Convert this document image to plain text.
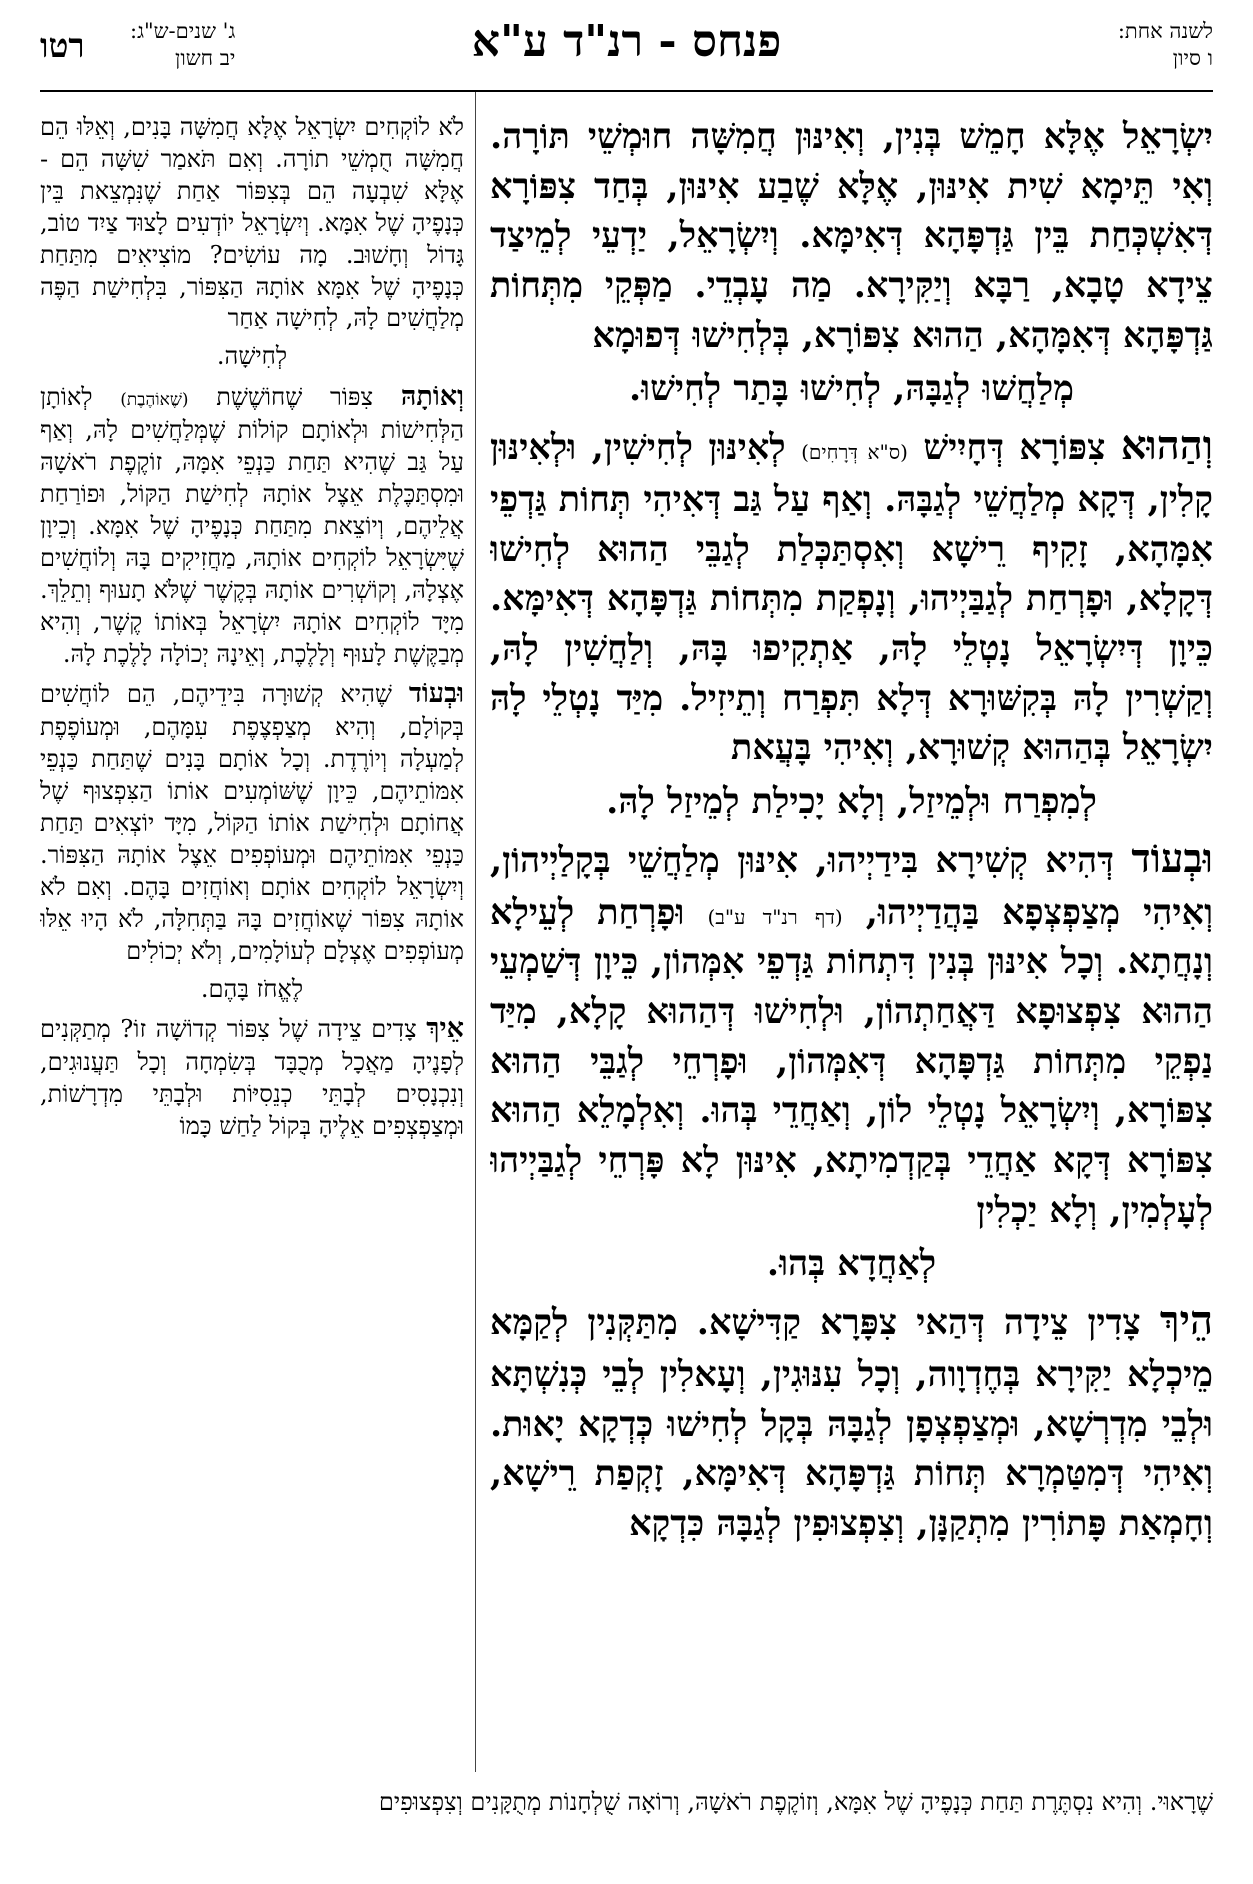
לשנה אחת:
ו סיון
פנחס - רנ"ד ע"א
ג' שנים-ש"ג:
יב חשון
רטו

יִשְׂרָאֵל אֶלָּא חָמֵשׁ בְּנִין, וְאִינּוּן חֲמִשָּׁה חוּמְשֵׁי תּוֹרָה. וְאִי תֵּימָא שִׁית אִינּוּן, אֶלָּא שֶׁבַע אִינּוּן, בְּחַד צִפּוֹרָא דְּאִשְׁכְּחַת בֵּין גַּדְפָּהָא דְּאִימָּא. וְיִשְׂרָאֵל, יַדְעֵי לְמֵיצַד צֵידָא טָבָא, רַבָּא וְיַקִּירָא. מַה עָבְדֵי. מַפְּקֵי מִתְּחוֹת גַּדְפָּהָא דְּאִמָּהָא, הַהוּא צִפּוֹרָא, בְּלְחִישׁוּ דְּפוּמָא

מְלַחֲשׁוּ לְגַבָּהּ, לְחִישׁוּ בָּתַר לְחִישׁוּ.

וְהַהוּא צִפּוֹרָא דְּחָיִישׁ (ס"א דְּרָחִים) לְאִינּוּן לְחִישִׁין, וּלְאִינּוּן קָלִין, דְּקָא מְלַחֲשֵׁי לְגַבָּהּ. וְאַף עַל גַּב דְּאִיהִי תְּחוֹת גַּדְפֵי אִמָּהָא, זָקִיף רֵישָׁא וְאִסְתַּכְּלַת לְגַבֵּי הַהוּא לְחִישׁוּ דְּקָלָא, וּפָרְחַת לְגַבַּיְיהוּ, וְנָפְקַת מִתְּחוֹת גַּדְפָּהָא דְּאִימָּא. כֵּיוָן דְּיִשְׂרָאֵל נָטְלֵי לָהּ, אַתְקִיפוּ בָּהּ, וְלַחֲשִׁין לָהּ, וְקַשְׁרִין לָהּ בְּקִשּׁוּרָא דְּלָא תִּפְרַח וְתֵיזִיל. מִיַּד נָטְלֵי לָהּ יִשְׂרָאֵל בְּהַהוּא קְשׁוּרָא, וְאִיהִי בָּעֲאת

לְמִפְרַח וּלְמֵיזַל, וְלָא יָכִילַת לְמֵיזַל לָהּ.

וּבְעוֹד דְּהִיא קְשִׁירָא בִּידַיְיהוּ, אִינּוּן מְלַחֲשֵׁי בְּקָלַיְיהוֹן, וְאִיהִי מְצַפְצְפָא בַּהֲדַיְיהוּ, (דף רנ"ד ע"ב) וּפָרְחַת לְעֵילָא וְנָחֲתָא. וְכָל אִינּוּן בְּנִין דִּתְחוֹת גַּדְפֵי אִמְּהוֹן, כֵּיוָן דְּשַׁמְעֵי הַהוּא צִפְצוּפָא דַּאֲחַתְהוֹן, וּלְחִישׁוּ דְּהַהוּא קָלָא, מִיַּד נַפְקֵי מִתְּחוֹת גַּדְפָּהָא דְּאִמְּהוֹן, וּפָרְחֵי לְגַבֵּי הַהוּא צִפּוֹרָא, וְיִשְׂרָאֵל נָטְלֵי לוֹן, וְאַחֲדֵי בְּהוּ. וְאִלְמָלֵא הַהוּא צִפּוֹרָא דְּקָא אַחֲדֵי בְּקַדְמִיתָא, אִינּוּן לָא פָּרְחֵי לְגַבַּיְיהוּ לְעָלְמִין, וְלָא יַכְלִין

לְאַחֲדָא בְּהוּ.

הֵיךְ צָדִין צֵידָה דְּהַאי צִפָּרָא קַדִּישָׁא. מִתַּקְּנִין לְקַמָּא מֵיכְלָא יַקִּירָא בְּחֶדְוָוה, וְכָל עִנּוּגִין, וְעָאלִין לְבֵי כְּנִשְׁתָּא וּלְבֵי מִדְרְשָׁא, וּמְצַפְצְפָן לְגַבָּהּ בְּקָל לְחִישׁוּ כְּדְקָא יָאוּת. וְאִיהִי דְּמִטַּמְרָא תְּחוֹת גַּדְפָּהָא דְּאִימָּא, זָקְפַת רֵישָׁא, וְחָמְאַת פָּתוֹרִין מִתְקַנָּן, וְצִפְצוּפִין לְגַבָּהּ כִּדְקָא

לֹא לוֹקְחִים יִשְׂרָאֵל אֶלָּא חֲמִשָּׁה בָּנִים, וְאֵלּוּ הֵם חֲמִשָּׁה חֻמְשֵׁי תוֹרָה. וְאִם תֹּאמַר שִׁשָּׁה הֵם - אֶלָּא שִׁבְעָה הֵם בְּצִפּוֹר אַחַת שֶׁנִּמְצֵאת בֵּין כְּנָפֶיהָ שֶׁל אִמָּא. וְיִשְׂרָאֵל יוֹדְעִים לָצוּד צַיִד טוֹב, גָּדוֹל וְחָשׁוּב. מָה עוֹשִׂים? מוֹצִיאִים מִתַּחַת כְּנָפֶיהָ שֶׁל אִמָּא אוֹתָהּ הַצִּפּוֹר, בִּלְחִישַׁת הַפֶּה מְלַחֲשִׁים לָהּ, לְחִישָׁה אַחַר

לְחִישָׁה.

וְאוֹתָהּ צִפּוֹר שֶׁחוֹשֶׁשֶׁת (שֶׁאוֹהֶבֶת) לְאוֹתָן הַלְּחִישׁוֹת וּלְאוֹתָם קוֹלוֹת שֶׁמְּלַחֲשִׁים לָהּ, וְאַף עַל גַּב שֶׁהִיא תַּחַת כַּנְפֵי אִמָּהּ, זוֹקֶפֶת רֹאשָׁהּ וּמִסְתַּכֶּלֶת אֵצֶל אוֹתָהּ לְחִישַׁת הַקּוֹל, וּפוֹרַחַת אֲלֵיהֶם, וְיוֹצֵאת מִתַּחַת כְּנָפֶיהָ שֶׁל אִמָּא. וְכֵיוָן שֶׁיִּשְׂרָאֵל לוֹקְחִים אוֹתָהּ, מַחֲזִיקִים בָּהּ וְלוֹחֲשִׁים אֶצְלָהּ, וְקוֹשְׁרִים אוֹתָהּ בְּקֶשֶׁר שֶׁלֹּא תָעוּף וְתֵלֵךְ. מִיָּד לוֹקְחִים אוֹתָהּ יִשְׂרָאֵל בְּאוֹתוֹ קֶשֶׁר, וְהִיא מְבַקֶּשֶׁת לָעוּף וְלָלֶכֶת, וְאֵינָהּ יְכוֹלָה לָלֶכֶת לָהּ.

וּבְעוֹד שֶׁהִיא קְשׁוּרָה בִּידֵיהֶם, הֵם לוֹחֲשִׁים בְּקוֹלָם, וְהִיא מְצַפְצֶפֶת עִמָּהֶם, וּמְעוֹפֶפֶת לְמַעְלָה וְיוֹרֶדֶת. וְכָל אוֹתָם בָּנִים שֶׁתַּחַת כַּנְפֵי אִמּוֹתֵיהֶם, כֵּיוָן שֶׁשּׁוֹמְעִים אוֹתוֹ הַצִּפְצוּף שֶׁל אֲחוֹתָם וּלְחִישַׁת אוֹתוֹ הַקּוֹל, מִיָּד יוֹצְאִים תַּחַת כַּנְפֵי אִמּוֹתֵיהֶם וּמְעוֹפְפִים אֵצֶל אוֹתָהּ הַצִּפּוֹר. וְיִשְׂרָאֵל לוֹקְחִים אוֹתָם וְאוֹחֲזִים בָּהֶם. וְאִם לֹא אוֹתָהּ צִפּוֹר שֶׁאוֹחֲזִים בָּהּ בַּתְּחִלָּה, לֹא הָיוּ אֵלּוּ מְעוֹפְפִים אֶצְלָם לְעוֹלָמִים, וְלֹא יְכוֹלִים

לֶאֱחֹז בָּהֶם.

אֵיךְ צָדִים צֵידָה שֶׁל צִפּוֹר קְדוֹשָׁה זוֹ? מְתַקְּנִים לְפָנֶיהָ מַאֲכָל מְכֻבָּד בְּשִׂמְחָה וְכָל תַּעֲנוּגִים, וְנִכְנָסִים לְבָתֵּי כְנֵסִיּוֹת וּלְבָתֵּי מִדְרָשׁוֹת, וּמְצַפְצְפִים אֵלֶיהָ בְּקוֹל לַחַשׁ כָּמוֹ

שֶׁרָאוּי. וְהִיא נִסְתֶּרֶת תַּחַת כְּנָפֶיהָ שֶׁל אִמָּא, וְזוֹקֶפֶת רֹאשָׁהּ, וְרוֹאָה שֻׁלְחָנוֹת מְתֻקָּנִים וְצִפְצוּפִים
